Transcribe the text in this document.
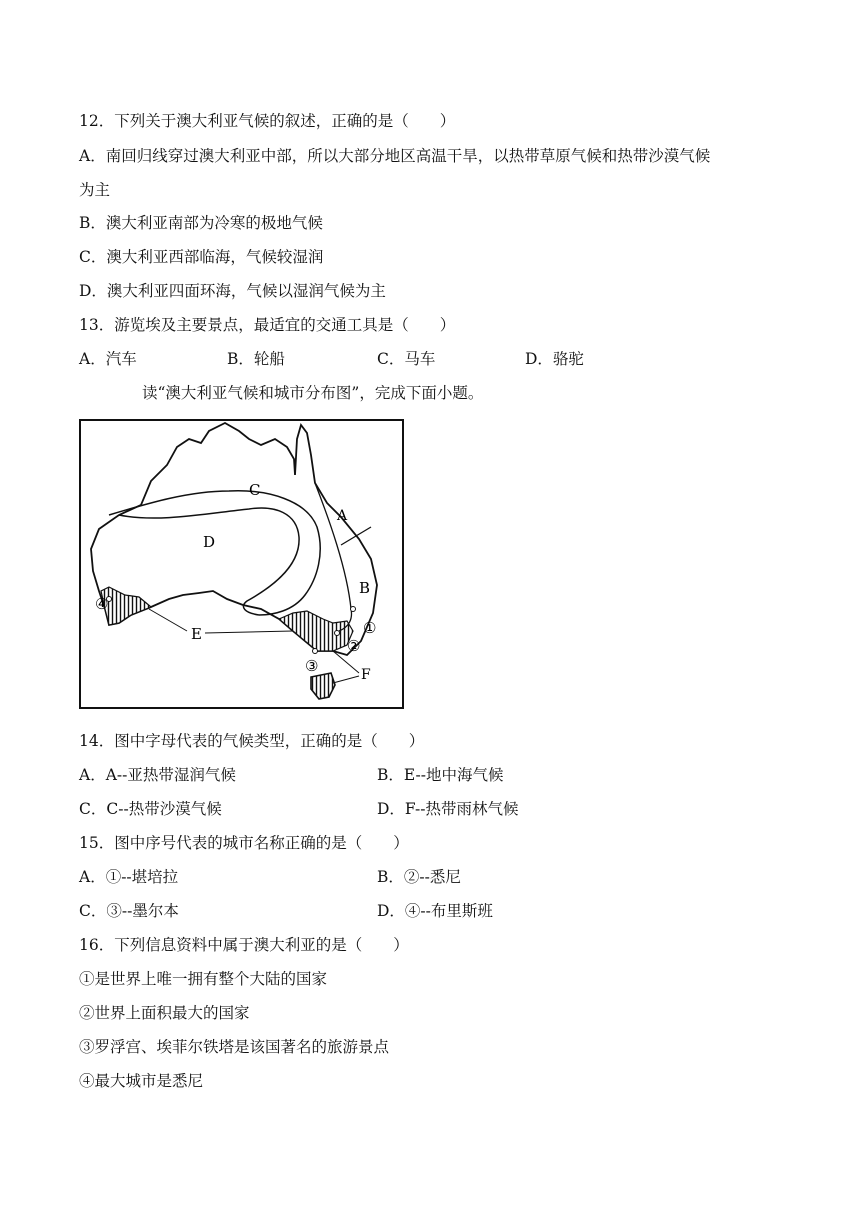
12．下列关于澳大利亚气候的叙述，正确的是（　　）
A．南回归线穿过澳大利亚中部，所以大部分地区高温干旱，以热带草原气候和热带沙漠气候
为主
B．澳大利亚南部为冷寒的极地气候
C．澳大利亚西部临海，气候较湿润
D．澳大利亚四面环海，气候以湿润气候为主
13．游览埃及主要景点，最适宜的交通工具是（　　）
A．汽车	B．轮船	C．马车	D．骆驼
读“澳大利亚气候和城市分布图”，完成下面小题。
C
D
A
B
E
F
①
②
③
④
14．图中字母代表的气候类型，正确的是（　　）
A．A--亚热带湿润气候	B．E--地中海气候
C．C--热带沙漠气候	D．F--热带雨林气候
15．图中序号代表的城市名称正确的是（　　）
A．①--堪培拉	B．②--悉尼
C．③--墨尔本	D．④--布里斯班
16．下列信息资料中属于澳大利亚的是（　　）
①是世界上唯一拥有整个大陆的国家
②世界上面积最大的国家
③罗浮宫、埃菲尔铁塔是该国著名的旅游景点
④最大城市是悉尼
